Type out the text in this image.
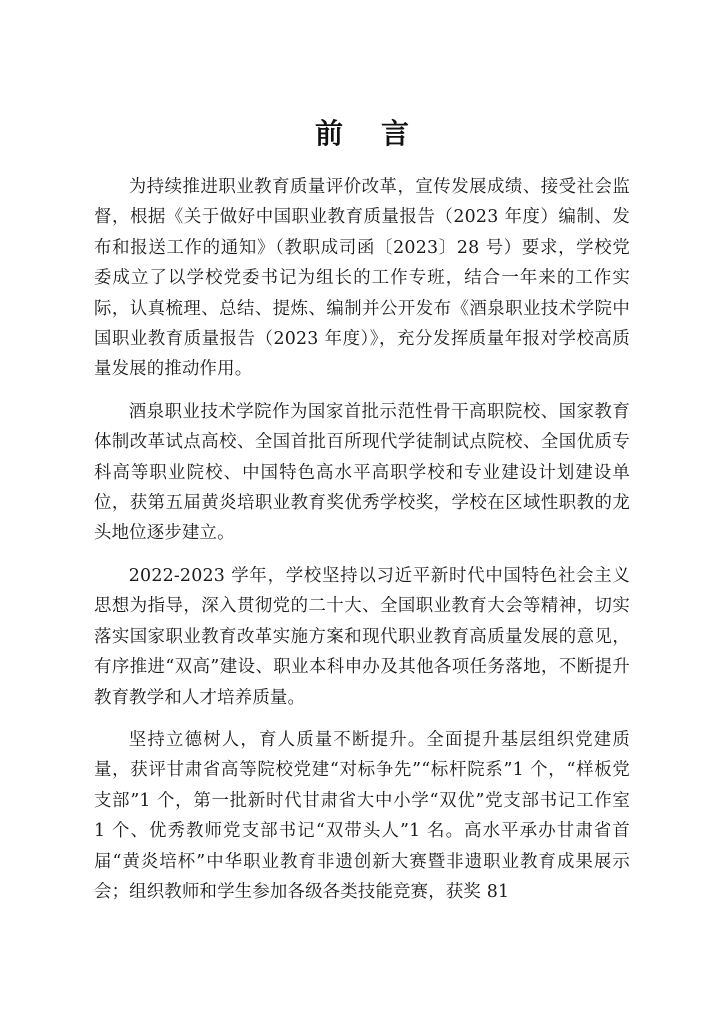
前言

为持续推进职业教育质量评价改革，宣传发展成绩、接受社会监督，根据《关于做好中国职业教育质量报告（2023 年度）编制、发布和报送工作的通知》（教职成司函〔2023〕28 号）要求，学校党委成立了以学校党委书记为组长的工作专班，结合一年来的工作实际，认真梳理、总结、提炼、编制并公开发布《酒泉职业技术学院中国职业教育质量报告（2023 年度）》，充分发挥质量年报对学校高质量发展的推动作用。

酒泉职业技术学院作为国家首批示范性骨干高职院校、国家教育体制改革试点高校、全国首批百所现代学徒制试点院校、全国优质专科高等职业院校、中国特色高水平高职学校和专业建设计划建设单位，获第五届黄炎培职业教育奖优秀学校奖，学校在区域性职教的龙头地位逐步建立。

2022-2023 学年，学校坚持以习近平新时代中国特色社会主义思想为指导，深入贯彻党的二十大、全国职业教育大会等精神，切实落实国家职业教育改革实施方案和现代职业教育高质量发展的意见，有序推进“双高”建设、职业本科申办及其他各项任务落地，不断提升教育教学和人才培养质量。

坚持立德树人，育人质量不断提升。全面提升基层组织党建质量，获评甘肃省高等院校党建“对标争先”“标杆院系”1 个，“样板党支部”1 个，第一批新时代甘肃省大中小学“双优”党支部书记工作室 1 个、优秀教师党支部书记“双带头人”1 名。高水平承办甘肃省首届“黄炎培杯”中华职业教育非遗创新大赛暨非遗职业教育成果展示会；组织教师和学生参加各级各类技能竞赛，获奖 81
